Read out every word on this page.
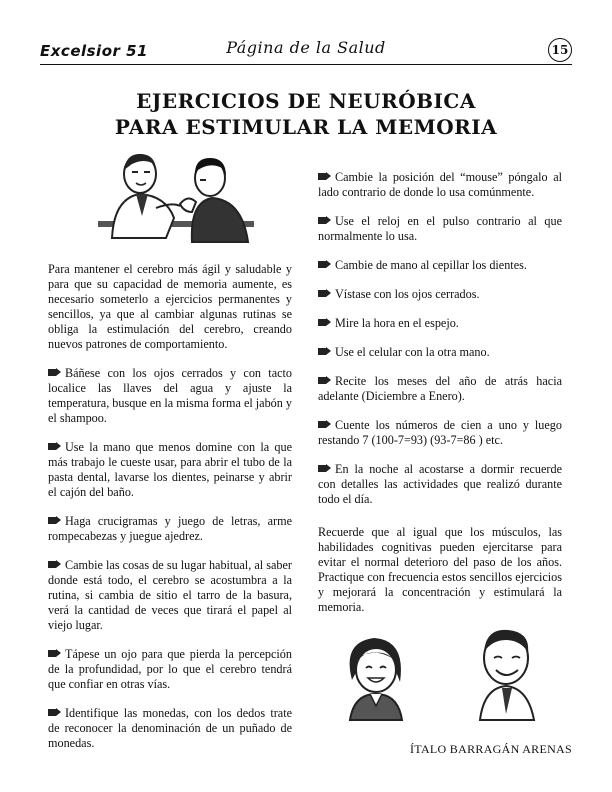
Excelsior 51	Página de la Salud	15
EJERCICIOS DE NEURÓBICA
PARA ESTIMULAR LA MEMORIA

Para mantener el cerebro más ágil y saludable y para que su capacidad de memoria aumente, es necesario someterlo a ejercicios permanentes y sencillos, ya que al cambiar algunas rutinas se obliga la estimulación del cerebro, creando nuevos patrones de comportamiento.

Báñese con los ojos cerrados y con tacto localice las llaves del agua y ajuste la temperatura, busque en la misma forma el jabón y el shampoo.

Use la mano que menos domine con la que más trabajo le cueste usar, para abrir el tubo de la pasta dental, lavarse los dientes, peinarse y abrir el cajón del baño.

Haga crucigramas y juego de letras, arme rompecabezas y juegue ajedrez.

Cambie las cosas de su lugar habitual, al saber donde está todo, el cerebro se acostumbra a la rutina, si cambia de sitio el tarro de la basura, verá la cantidad de veces que tirará el papel al viejo lugar.

Tápese un ojo para que pierda la percepción de la profundidad, por lo que el cerebro tendrá que confiar en otras vías.

Identifique las monedas, con los dedos trate de reconocer la denominación de un puñado de monedas.

Cambie la posición del “mouse” póngalo al lado contrario de donde lo usa comúnmente.

Use el reloj en el pulso contrario al que normalmente lo usa.

Cambie de mano al cepillar los dientes.

Vístase con los ojos cerrados.

Mire la hora en el espejo.

Use el celular con la otra mano.

Recite los meses del año de atrás hacia adelante (Diciembre a Enero).

Cuente los números de cien a uno y luego restando 7 (100-7=93) (93-7=86 ) etc.

En la noche al acostarse a dormir recuerde con detalles las actividades que realizó durante todo el día.

Recuerde que al igual que los músculos, las habilidades cognitivas pueden ejercitarse para evitar el normal deterioro del paso de los años. Practique con frecuencia estos sencillos ejercicios y mejorará la concentración y estimulará la memoria.

ÍTALO BARRAGÁN ARENAS
